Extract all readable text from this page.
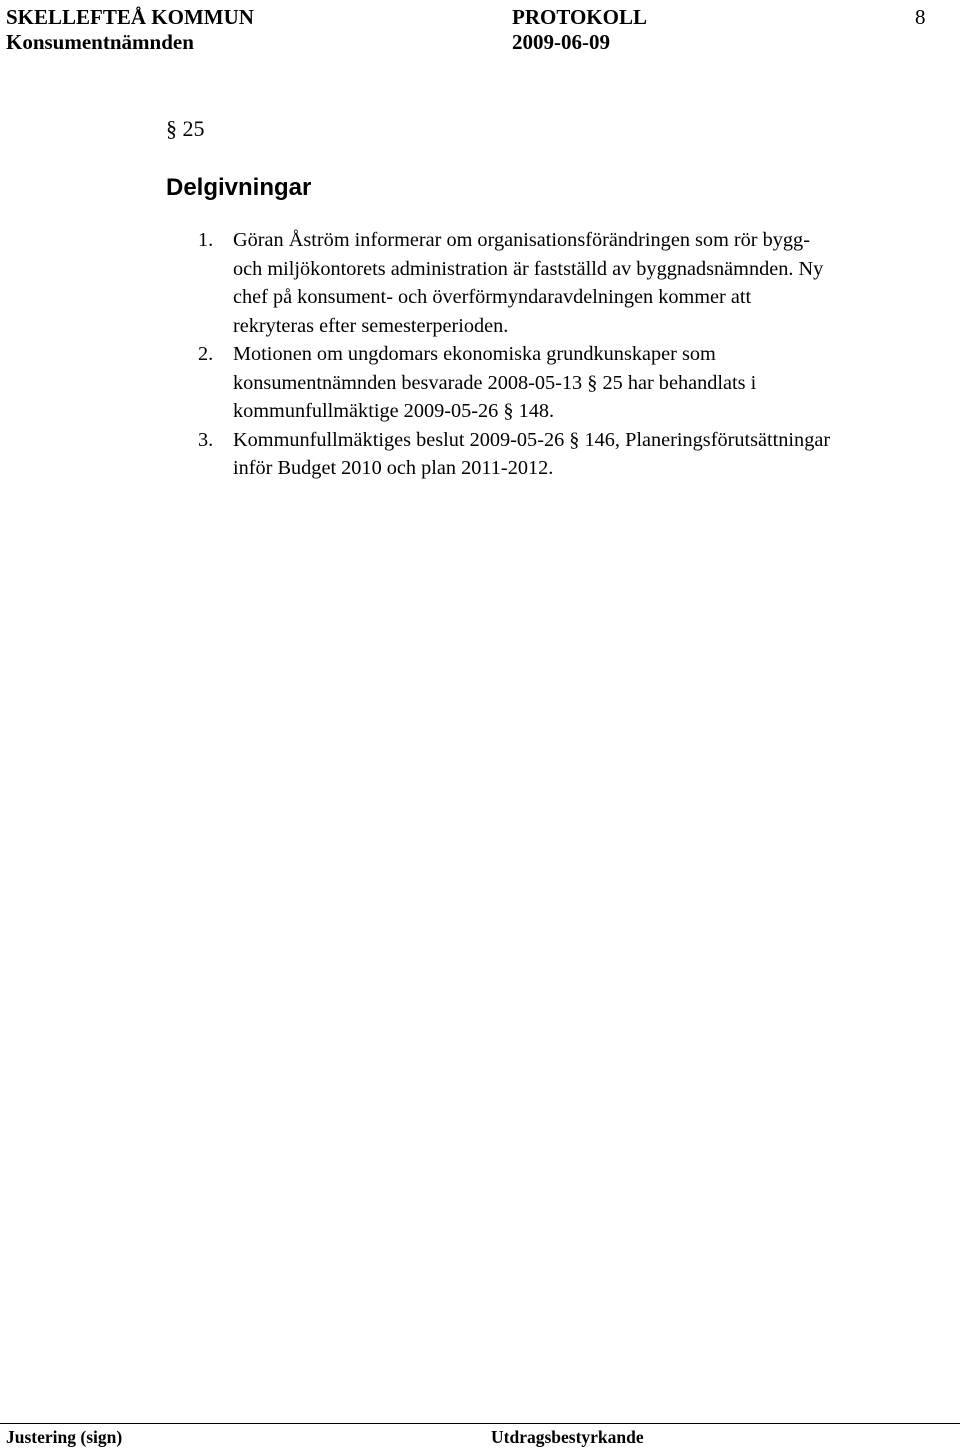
SKELLEFTEÅ KOMMUN	PROTOKOLL	8
Konsumentnämnden	2009-06-09
§ 25
Delgivningar
1. Göran Åström informerar om organisationsförändringen som rör bygg-
och miljökontorets administration är fastställd av byggnadsnämnden. Ny
chef på konsument- och överförmyndaravdelningen kommer att
rekryteras efter semesterperioden.
2. Motionen om ungdomars ekonomiska grundkunskaper som
konsumentnämnden besvarade 2008-05-13 § 25 har behandlats i
kommunfullmäktige 2009-05-26 § 148.
3. Kommunfullmäktiges beslut 2009-05-26 § 146, Planeringsförutsättningar
inför Budget 2010 och plan 2011-2012.
Justering (sign)	Utdragsbestyrkande
